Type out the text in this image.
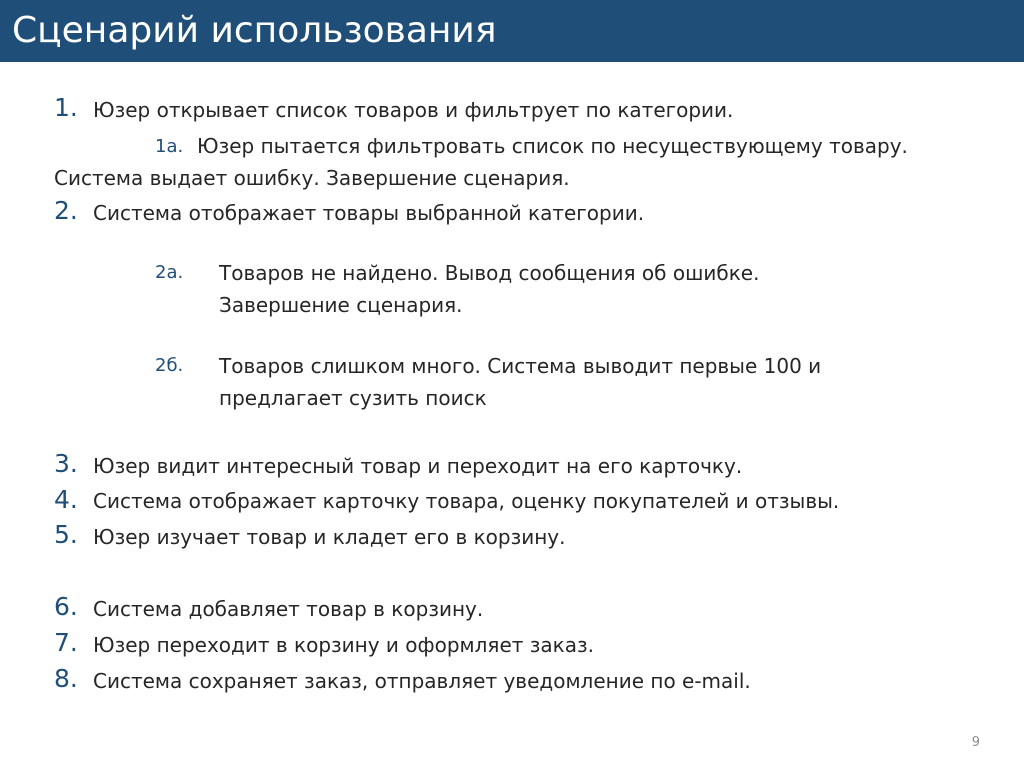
Сценарий использования
1. Юзер открывает список товаров и фильтрует по категории.
1а. Юзер пытается фильтровать список по несуществующему товару.
Система выдает ошибку. Завершение сценария.
2. Система отображает товары выбранной категории.
2а. Товаров не найдено. Вывод сообщения об ошибке.
Завершение сценария.
2б. Товаров слишком много. Система выводит первые 100 и
предлагает сузить поиск
3. Юзер видит интересный товар и переходит на его карточку.
4. Система отображает карточку товара, оценку покупателей и отзывы.
5. Юзер изучает товар и кладет его в корзину.
6. Система добавляет товар в корзину.
7. Юзер переходит в корзину и оформляет заказ.
8. Система сохраняет заказ, отправляет уведомление по e-mail.
9
